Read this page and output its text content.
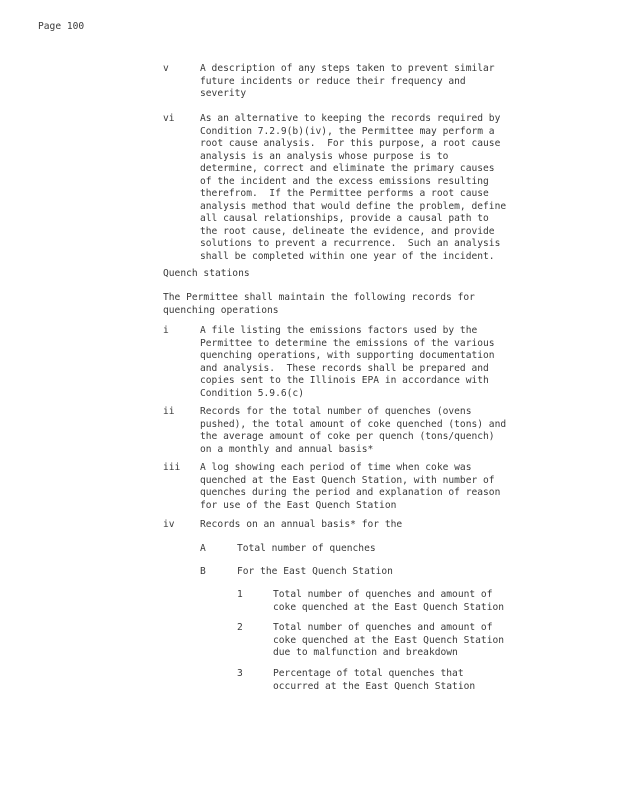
Page 100

v

	A description of any steps taken to prevent similar
future incidents or reduce their frequency and
severity

vi

	As an alternative to keeping the records required by
Condition 7.2.9(b)(iv), the Permittee may perform a
root cause analysis.  For this purpose, a root cause
analysis is an analysis whose purpose is to
determine, correct and eliminate the primary causes
of the incident and the excess emissions resulting
therefrom.  If the Permittee performs a root cause
analysis method that would define the problem, define
all causal relationships, provide a causal path to
the root cause, delineate the evidence, and provide
solutions to prevent a recurrence.  Such an analysis
shall be completed within one year of the incident.

Quench stations
The Permittee shall maintain the following records for
quenching operations

i

	A file listing the emissions factors used by the
Permittee to determine the emissions of the various
quenching operations, with supporting documentation
and analysis.  These records shall be prepared and
copies sent to the Illinois EPA in accordance with
Condition 5.9.6(c)

ii

	Records for the total number of quenches (ovens
pushed), the total amount of coke quenched (tons) and
the average amount of coke per quench (tons/quench)
on a monthly and annual basis*

iii

A log showing each period of time when coke was
quenched at the East Quench Station, with number of
quenches during the period and explanation of reason
for use of the East Quench Station

iv

	Records on an annual basis* for the

A

	Total number of quenches

B

	For the East Quench Station

1

	Total number of quenches and amount of
coke quenched at the East Quench Station

2

	Total number of quenches and amount of
coke quenched at the East Quench Station
due to malfunction and breakdown

3

	Percentage of total quenches that
occurred at the East Quench Station
